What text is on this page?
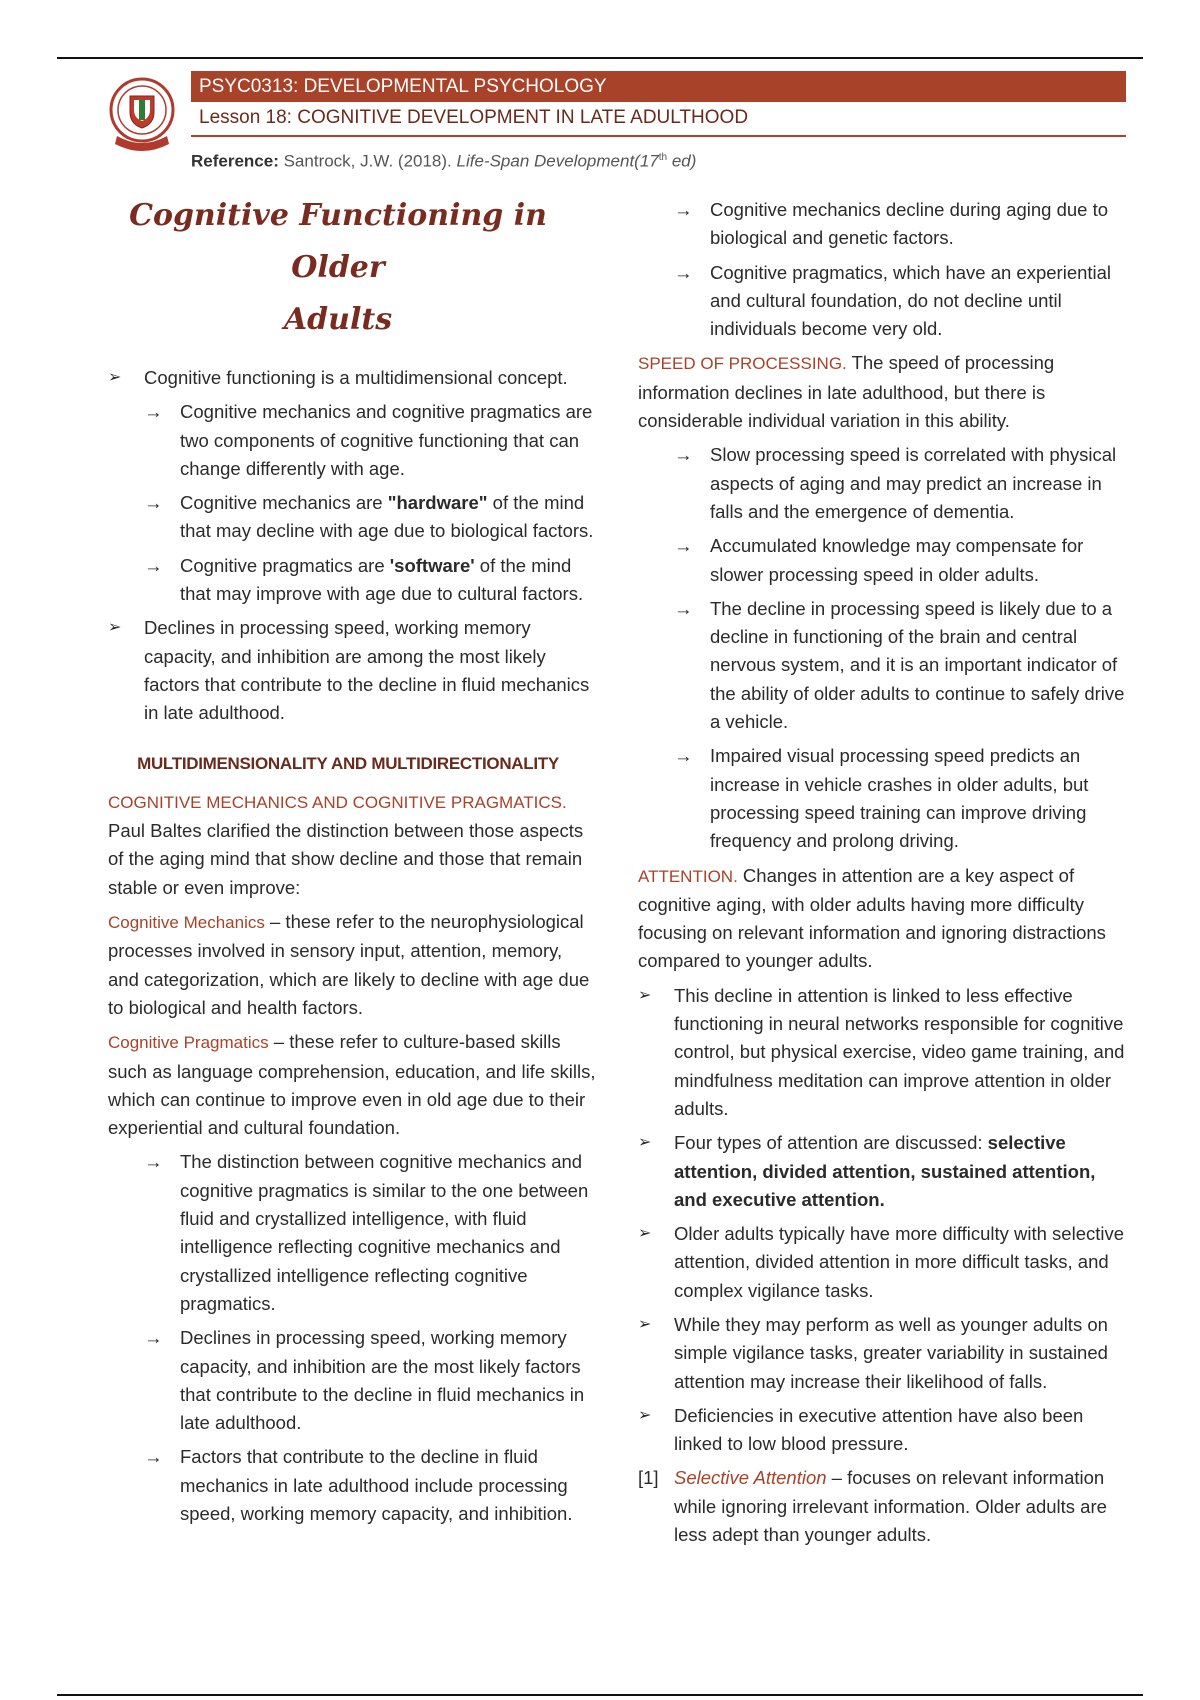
PSYC0313: DEVELOPMENTAL PSYCHOLOGY
Lesson 18: COGNITIVE DEVELOPMENT IN LATE ADULTHOOD
Reference: Santrock, J.W. (2018). Life-Span Development(17th ed)
Cognitive Functioning in Older
Adults
➢	Cognitive functioning is a multidimensional concept.
→ Cognitive mechanics and cognitive pragmatics are two components of cognitive functioning that can change differently with age.
→ Cognitive mechanics are "hardware" of the mind that may decline with age due to biological factors.
→ Cognitive pragmatics are 'software' of the mind that may improve with age due to cultural factors.
➢	Declines in processing speed, working memory capacity, and inhibition are among the most likely factors that contribute to the decline in fluid mechanics in late adulthood.
MULTIDIMENSIONALITY AND MULTIDIRECTIONALITY

COGNITIVE MECHANICS AND COGNITIVE PRAGMATICS. Paul Baltes clarified the distinction between those aspects of the aging mind that show decline and those that remain stable or even improve:

Cognitive Mechanics – these refer to the neurophysiological processes involved in sensory input, attention, memory, and categorization, which are likely to decline with age due to biological and health factors.

Cognitive Pragmatics – these refer to culture-based skills such as language comprehension, education, and life skills, which can continue to improve even in old age due to their experiential and cultural foundation.

→ The distinction between cognitive mechanics and cognitive pragmatics is similar to the one between fluid and crystallized intelligence, with fluid intelligence reflecting cognitive mechanics and crystallized intelligence reflecting cognitive pragmatics.
→ Declines in processing speed, working memory capacity, and inhibition are the most likely factors that contribute to the decline in fluid mechanics in late adulthood.
→ Factors that contribute to the decline in fluid mechanics in late adulthood include processing speed, working memory capacity, and inhibition.
→ Cognitive mechanics decline during aging due to biological and genetic factors.
→ Cognitive pragmatics, which have an experiential and cultural foundation, do not decline until individuals become very old.

SPEED OF PROCESSING. The speed of processing information declines in late adulthood, but there is considerable individual variation in this ability.

→ Slow processing speed is correlated with physical aspects of aging and may predict an increase in falls and the emergence of dementia.
→ Accumulated knowledge may compensate for slower processing speed in older adults.
→ The decline in processing speed is likely due to a decline in functioning of the brain and central nervous system, and it is an important indicator of the ability of older adults to continue to safely drive a vehicle.
→ Impaired visual processing speed predicts an increase in vehicle crashes in older adults, but processing speed training can improve driving frequency and prolong driving.

ATTENTION. Changes in attention are a key aspect of cognitive aging, with older adults having more difficulty focusing on relevant information and ignoring distractions compared to younger adults.

➢	This decline in attention is linked to less effective functioning in neural networks responsible for cognitive control, but physical exercise, video game training, and mindfulness meditation can improve attention in older adults.
➢	Four types of attention are discussed: selective attention, divided attention, sustained attention, and executive attention.
➢	Older adults typically have more difficulty with selective attention, divided attention in more difficult tasks, and complex vigilance tasks.
➢	While they may perform as well as younger adults on simple vigilance tasks, greater variability in sustained attention may increase their likelihood of falls.
➢	Deficiencies in executive attention have also been linked to low blood pressure.
[1] Selective Attention – focuses on relevant information while ignoring irrelevant information. Older adults are less adept than younger adults.
